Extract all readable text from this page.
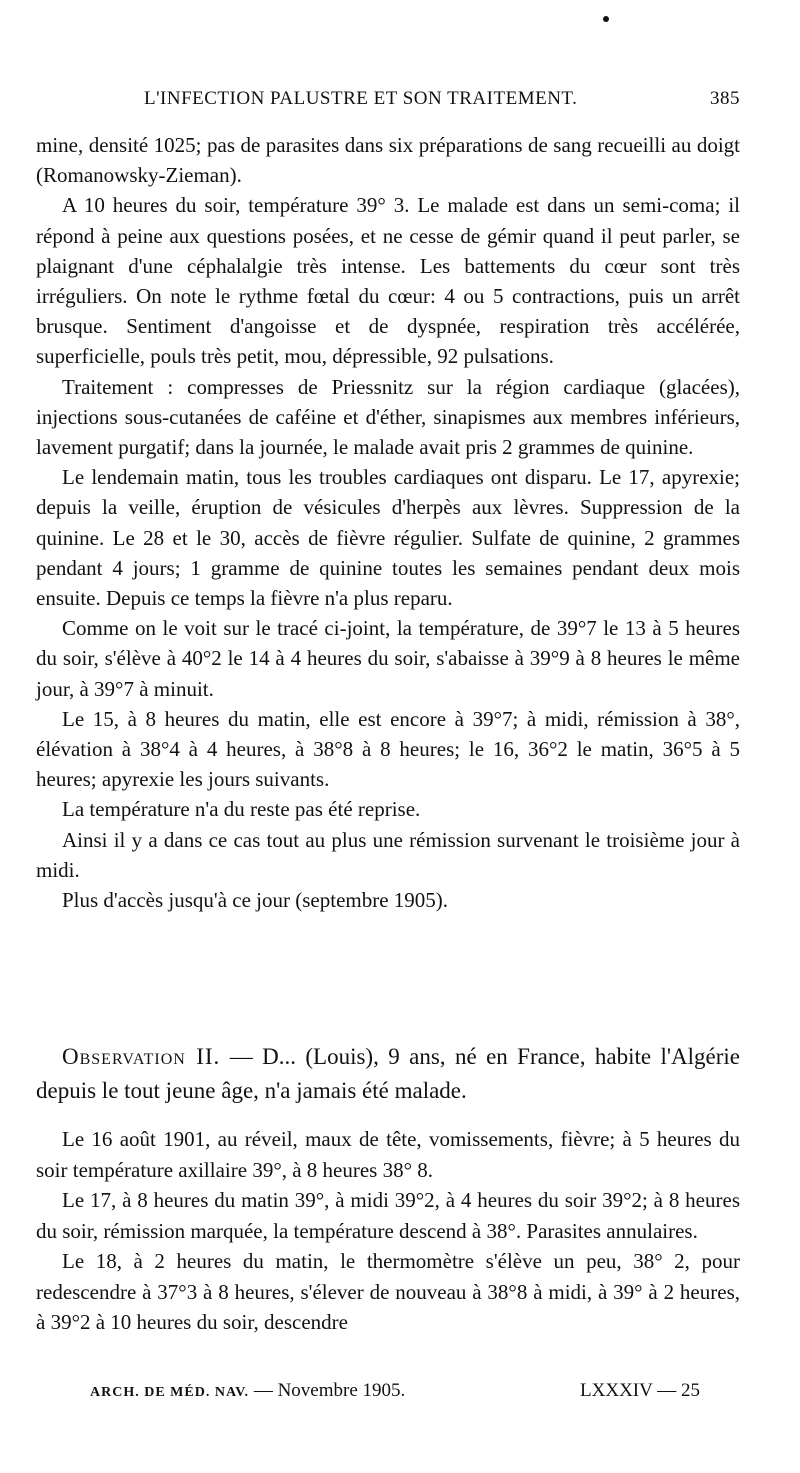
L'INFECTION PALUSTRE ET SON TRAITEMENT.	385

mine, densité 1025; pas de parasites dans six préparations de sang recueilli au doigt (Romanowsky-Zieman).

A 10 heures du soir, température 39° 3. Le malade est dans un semi-coma; il répond à peine aux questions posées, et ne cesse de gémir quand il peut parler, se plaignant d'une céphalalgie très intense. Les battements du cœur sont très irréguliers. On note le rythme fœtal du cœur: 4 ou 5 contractions, puis un arrêt brusque. Sentiment d'angoisse et de dyspnée, respiration très accélérée, superficielle, pouls très petit, mou, dépressible, 92 pulsations.

Traitement : compresses de Priessnitz sur la région cardiaque (glacées), injections sous-cutanées de caféine et d'éther, sinapismes aux membres inférieurs, lavement purgatif; dans la journée, le malade avait pris 2 grammes de quinine.

Le lendemain matin, tous les troubles cardiaques ont disparu. Le 17, apyrexie; depuis la veille, éruption de vésicules d'herpès aux lèvres. Suppression de la quinine. Le 28 et le 30, accès de fièvre régulier. Sulfate de quinine, 2 grammes pendant 4 jours; 1 gramme de quinine toutes les semaines pendant deux mois ensuite. Depuis ce temps la fièvre n'a plus reparu.

Comme on le voit sur le tracé ci-joint, la température, de 39°7 le 13 à 5 heures du soir, s'élève à 40°2 le 14 à 4 heures du soir, s'abaisse à 39°9 à 8 heures le même jour, à 39°7 à minuit.

Le 15, à 8 heures du matin, elle est encore à 39°7; à midi, rémission à 38°, élévation à 38°4 à 4 heures, à 38°8 à 8 heures; le 16, 36°2 le matin, 36°5 à 5 heures; apyrexie les jours suivants.

La température n'a du reste pas été reprise.

Ainsi il y a dans ce cas tout au plus une rémission survenant le troisième jour à midi.

Plus d'accès jusqu'à ce jour (septembre 1905).

Observation II. — D... (Louis), 9 ans, né en France, habite l'Algérie depuis le tout jeune âge, n'a jamais été malade.

Le 16 août 1901, au réveil, maux de tête, vomissements, fièvre; à 5 heures du soir température axillaire 39°, à 8 heures 38° 8.

Le 17, à 8 heures du matin 39°, à midi 39°2, à 4 heures du soir 39°2; à 8 heures du soir, rémission marquée, la température descend à 38°. Parasites annulaires.

Le 18, à 2 heures du matin, le thermomètre s'élève un peu, 38° 2, pour redescendre à 37°3 à 8 heures, s'élever de nouveau à 38°8 à midi, à 39° à 2 heures, à 39°2 à 10 heures du soir, descendre

ARCH. DE MÉD. NAV. — Novembre 1905.	LXXXIV — 25
